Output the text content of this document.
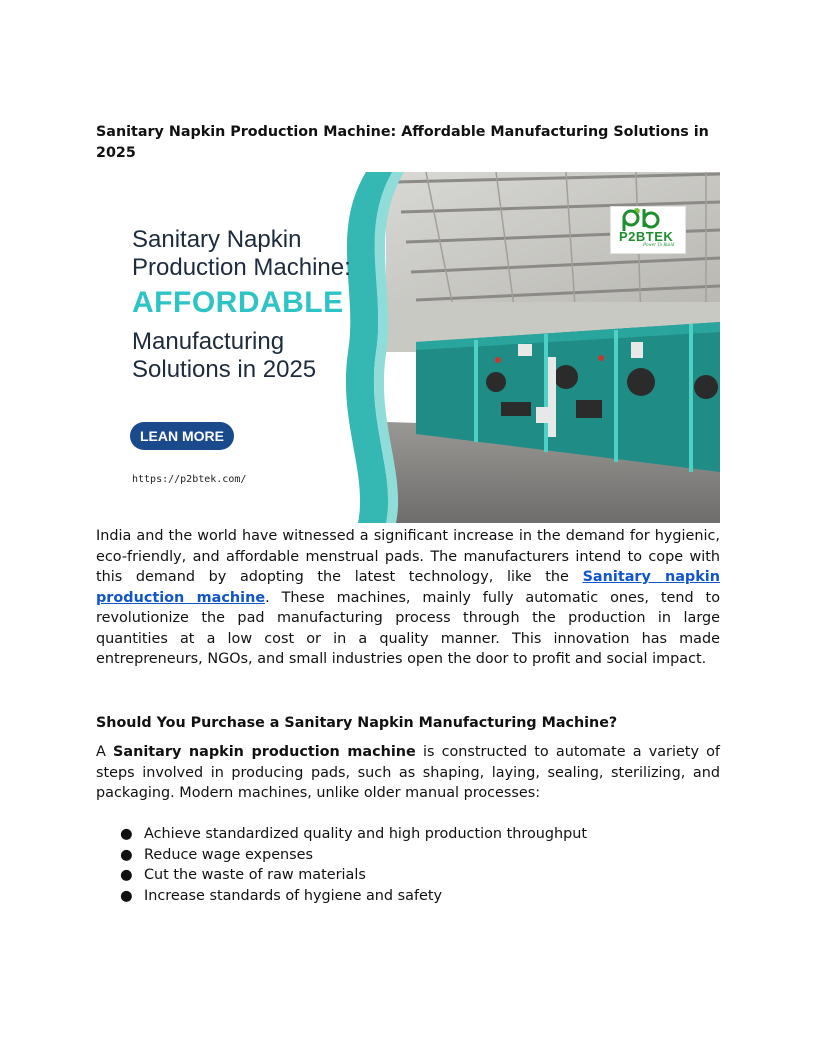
Sanitary Napkin Production Machine: Affordable Manufacturing Solutions in 2025
Sanitary Napkin
Production Machine:
AFFORDABLE
Manufacturing
Solutions in 2025
LEAN MORE
https://p2btek.com/
P2BTEK
Power To Build

India and the world have witnessed a significant increase in the demand for hygienic, eco-friendly, and affordable menstrual pads. The manufacturers intend to cope with this demand by adopting the latest technology, like the Sanitary napkin production machine. These machines, mainly fully automatic ones, tend to revolutionize the pad manufacturing process through the production in large quantities at a low cost or in a quality manner. This innovation has made entrepreneurs, NGOs, and small industries open the door to profit and social impact.

Should You Purchase a Sanitary Napkin Manufacturing Machine?

A Sanitary napkin production machine is constructed to automate a variety of steps involved in producing pads, such as shaping, laying, sealing, sterilizing, and packaging. Modern machines, unlike older manual processes:

● Achieve standardized quality and high production throughput
● Reduce wage expenses
● Cut the waste of raw materials
● Increase standards of hygiene and safety
